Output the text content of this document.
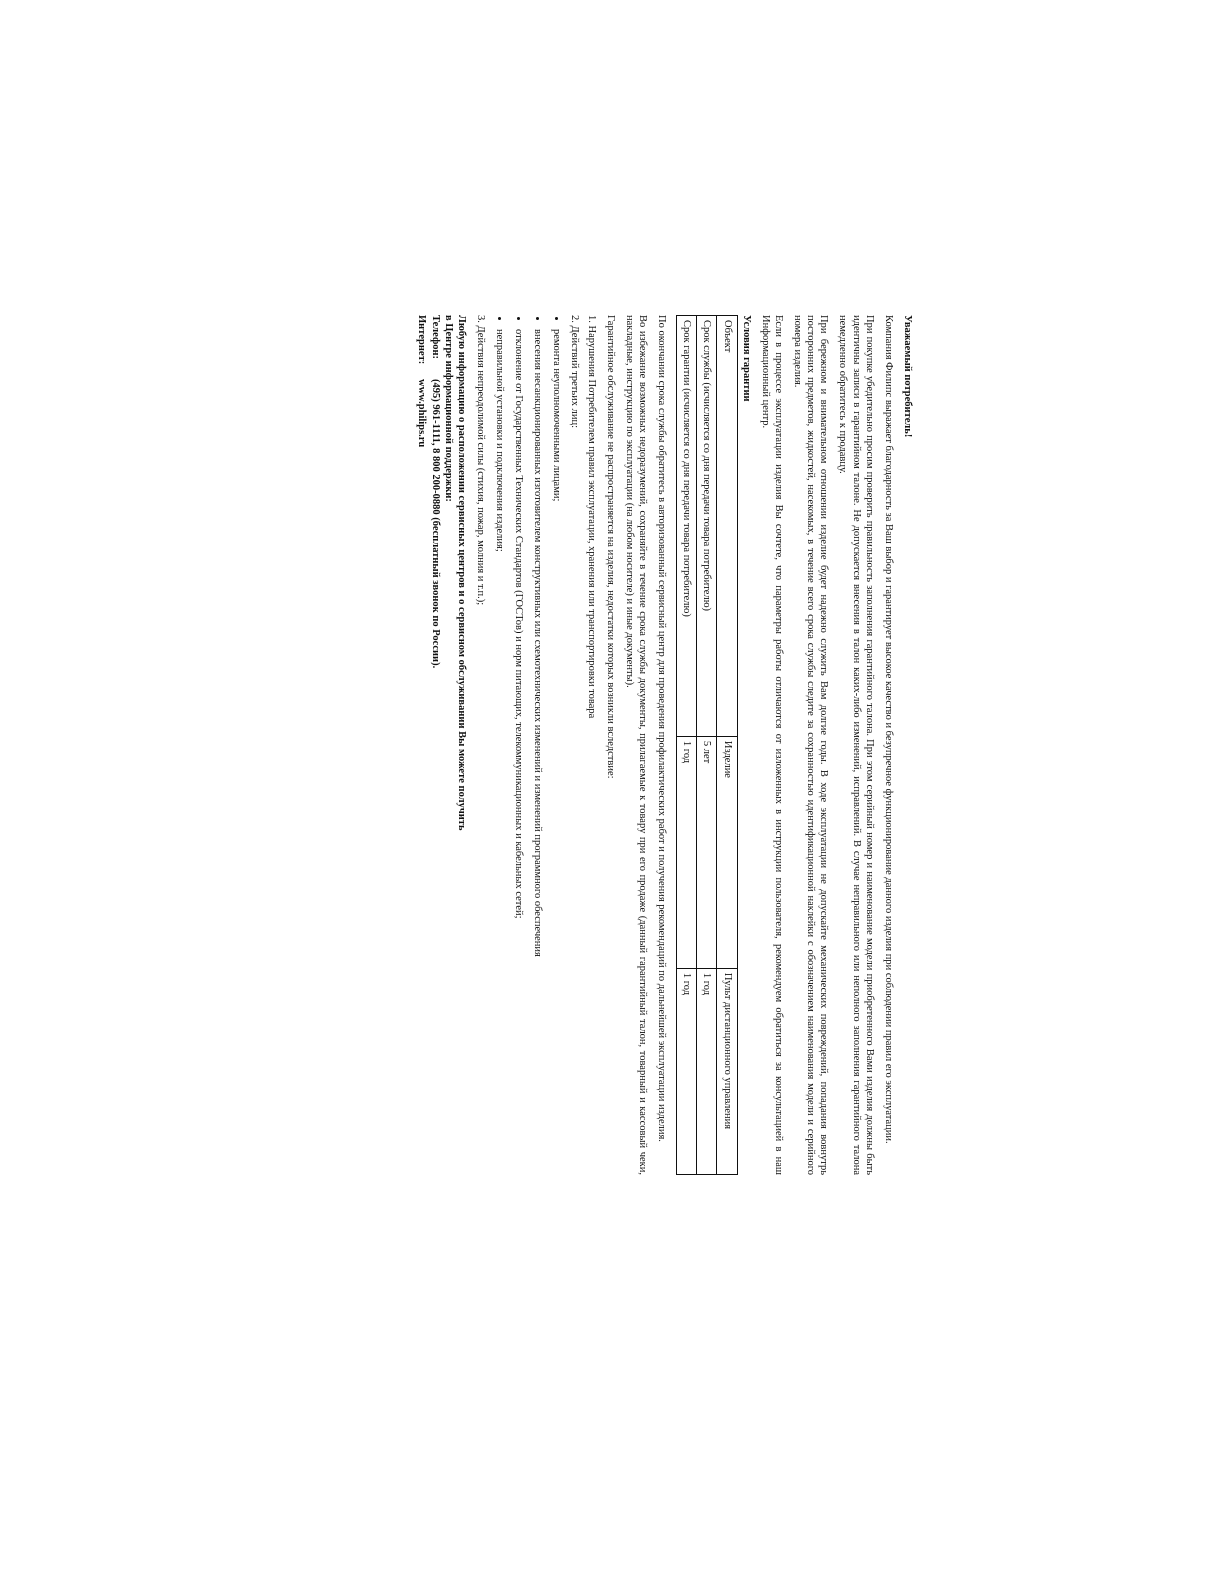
Уважаемый потребитель!

Компания Филипс выражает благодарность за Ваш выбор и гарантирует высокое качество и безупречное функционирование данного изделия при соблюдении правил его эксплуатации.

При покупке убедительно просим проверить правильность заполнения гарантийного талона. При этом серийный номер и наименование модели приобретенного Вами изделия должны быть идентичны записи в гарантийном талоне. Не допускается внесения в талон каких-либо изменений, исправлений. В случае неправильного или неполного заполнения гарантийного талона немедленно обратитесь к продавцу.

При бережном и внимательном отношении изделие будет надежно служить Вам долгие годы. В ходе эксплуатации не допускайте механических повреждений, попадания вовнутрь посторонних предметов, жидкостей, насекомых, в течение всего срока службы следите за сохранностью идентификационной наклейки с обозначением наименования модели и серийного номера изделия.

Если в процессе эксплуатации изделия Вы сочтете, что параметры работы отличаются от изложенных в инструкции пользователя, рекомендуем обратиться за консультацией в наш Информационный центр.

Условия гарантии

Объект	Изделие	Пульт дистанционного управления
Срок службы (исчисляется со дня передачи товара потребителю)	5 лет	1 год
Срок гарантии (исчисляется со дня передачи товара потребителю)	1 год	1 год

По окончании срока службы обратитесь в авторизованный сервисный центр для проведения профилактических работ и получения рекомендаций по дальнейшей эксплуатации изделия.

Во избежание возможных недоразумений, сохраняйте в течение срока службы документы, прилагаемые к товару при его продаже (данный гарантийный талон, товарный и кассовый чеки, накладные, инструкцию по эксплуатации (на любом носителе) и иные документы).

Гарантийное обслуживание не распространяется на изделия, недостатки которых возникли вследствие:

1. Нарушения Потребителем правил эксплуатации, хранения или транспортировки товара

2. Действий третьих лиц:

• ремонта неуполномоченными лицами;
• внесения несанкционированных изготовителем конструктивных или схемотехнических изменений и изменений программного обеспечения
• отклонение от Государственных Технических Стандартов (ГОСТов) и норм питающих, телекоммуникационных и кабельных сетей;
• неправильной установки и подключения изделия;

3. Действия непреодолимой силы (стихия, пожар, молния и т.п.);

Любую информацию о расположении сервисных центров и о сервисном обслуживании Вы можете получить
в Центре информационной поддержки:
Телефон:
(495) 961-1111, 8 800 200-0880 (бесплатный звонок по России).
Интернет:
www.philips.ru
